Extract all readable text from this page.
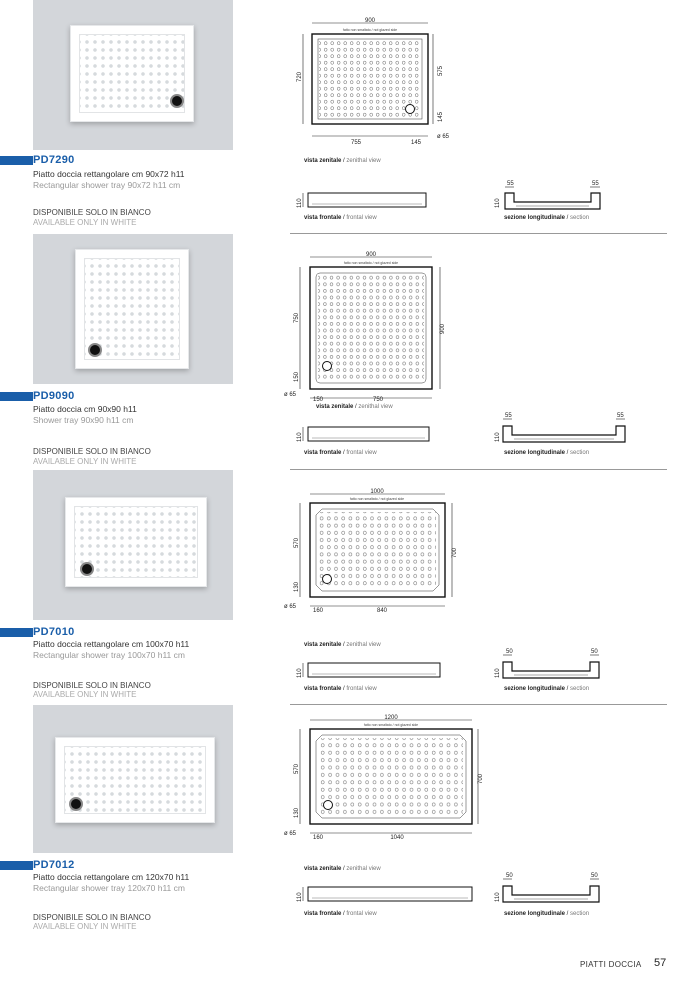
PD7290
Piatto doccia rettangolare cm 90x72 h11
Rectangular shower tray 90x72 h11 cm
DISPONIBILE SOLO IN BIANCO
AVAILABLE ONLY IN WHITE
900
fatto non smaltato / not glazed side
720
575
145
755	145
ø 65
vista zenitale / zenithal view
110
vista frontale / frontal view
55	55
110
sezione longitudinale / section
PD9090
Piatto doccia cm 90x90 h11
Shower tray 90x90 h11 cm
DISPONIBILE SOLO IN BIANCO
AVAILABLE ONLY IN WHITE
900
fatto non smaltato / not glazed side
750
150
900
150	750
ø 65
vista zenitale / zenithal view
110
vista frontale / frontal view
55	55
110
sezione longitudinale / section
PD7010
Piatto doccia rettangolare cm 100x70 h11
Rectangular shower tray 100x70 h11 cm
DISPONIBILE SOLO IN BIANCO
AVAILABLE ONLY IN WHITE
1000
fatto non smaltato / not glazed side
570
130
700
160	840
ø 65
vista zenitale / zenithal view
110
vista frontale / frontal view
50	50
110
sezione longitudinale / section
PD7012
Piatto doccia rettangolare cm 120x70 h11
Rectangular shower tray 120x70 h11 cm
DISPONIBILE SOLO IN BIANCO
AVAILABLE ONLY IN WHITE
1200
fatto non smaltato / not glazed side
570
130
700
160	1040
ø 65
vista zenitale / zenithal view
110
vista frontale / frontal view
50	50
110
sezione longitudinale / section
PIATTI DOCCIA 57
